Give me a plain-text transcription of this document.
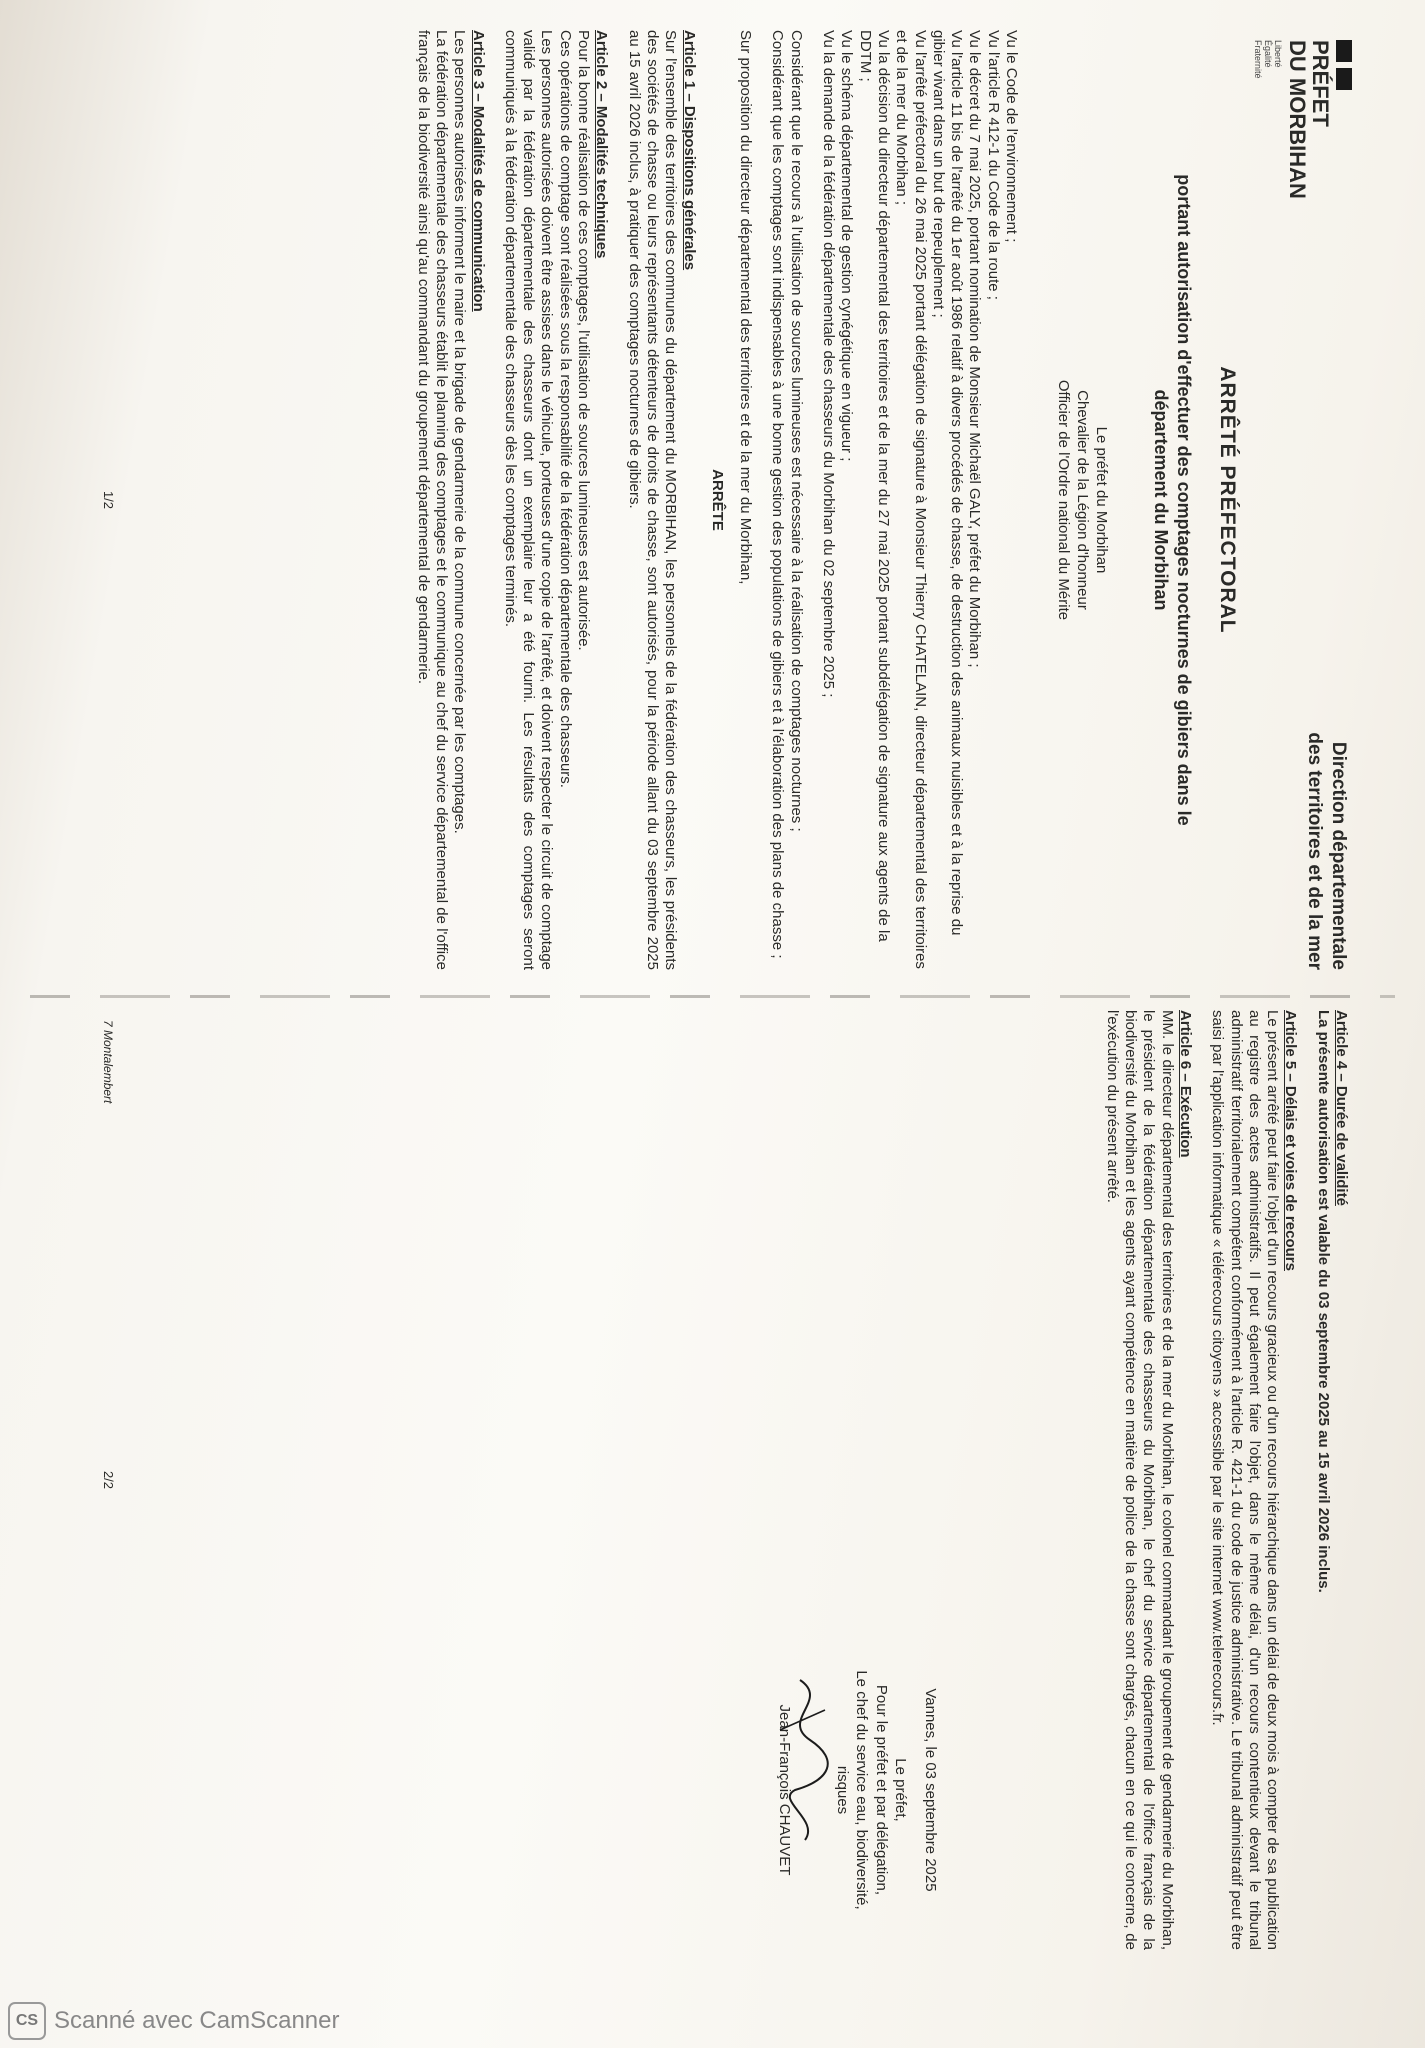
PRÉFET
DU MORBIHAN
Liberté
Égalité
Fraternité
Direction départementale
des territoires et de la mer
ARRÊTÉ PRÉFECTORAL
portant autorisation d'effectuer des comptages nocturnes de gibiers dans le département du Morbihan
Le préfet du Morbihan
Chevalier de la Légion d'honneur
Officier de l'Ordre national du Mérite

Vu le Code de l'environnement ;

Vu l'article R 412-1 du Code de la route ;

Vu le décret du 7 mai 2025, portant nomination de Monsieur Michaël GALY, préfet du Morbihan ;

Vu l'article 11 bis de l'arrêté du 1er août 1986 relatif à divers procédés de chasse, de destruction des animaux nuisibles et à la reprise du gibier vivant dans un but de repeuplement ;

Vu l'arrêté préfectoral du 26 mai 2025 portant délégation de signature à Monsieur Thierry CHATELAIN, directeur départemental des territoires et de la mer du Morbihan ;

Vu la décision du directeur départemental des territoires et de la mer du 27 mai 2025 portant subdélégation de signature aux agents de la DDTM ;

Vu le schéma départemental de gestion cynégétique en vigueur ;

Vu la demande de la fédération départementale des chasseurs du Morbihan du 02 septembre 2025 ;

Considérant que le recours à l'utilisation de sources lumineuses est nécessaire à la réalisation de comptages nocturnes ;

Considérant que les comptages sont indispensables à une bonne gestion des populations de gibiers et à l'élaboration des plans de chasse ;

Sur proposition du directeur départemental des territoires et de la mer du Morbihan,

ARRÊTE

Article 1 – Dispositions générales

Sur l'ensemble des territoires des communes du département du MORBIHAN, les personnels de la fédération des chasseurs, les présidents des sociétés de chasse ou leurs représentants détenteurs de droits de chasse, sont autorisés, pour la période allant du 03 septembre 2025 au 15 avril 2026 inclus, à pratiquer des comptages nocturnes de gibiers.

Article 2 – Modalités techniques

Pour la bonne réalisation de ces comptages, l'utilisation de sources lumineuses est autorisée.

Ces opérations de comptage sont réalisées sous la responsabilité de la fédération départementale des chasseurs.

Les personnes autorisées doivent être assises dans le véhicule, porteuses d'une copie de l'arrêté, et doivent respecter le circuit de comptage validé par la fédération départementale des chasseurs dont un exemplaire leur a été fourni. Les résultats des comptages seront communiqués à la fédération départementale des chasseurs dès les comptages terminés.

Article 3 – Modalités de communication

Les personnes autorisées informent le maire et la brigade de gendarmerie de la commune concernée par les comptages.

La fédération départementale des chasseurs établit le planning des comptages et le communique au chef du service départemental de l'office français de la biodiversité ainsi qu'au commandant du groupement départemental de gendarmerie.

1/2

Article 4 – Durée de validité

La présente autorisation est valable du 03 septembre 2025 au 15 avril 2026 inclus.

Article 5 – Délais et voies de recours

Le présent arrêté peut faire l'objet d'un recours gracieux ou d'un recours hiérarchique dans un délai de deux mois à compter de sa publication au registre des actes administratifs. Il peut également faire l'objet, dans le même délai, d'un recours contentieux devant le tribunal administratif territorialement compétent conformément à l'article R. 421-1 du code de justice administrative. Le tribunal administratif peut être saisi par l'application informatique « télérecours citoyens » accessible par le site internet www.telerecours.fr.

Article 6 – Exécution

MM. le directeur départemental des territoires et de la mer du Morbihan, le colonel commandant le groupement de gendarmerie du Morbihan, le président de la fédération départementale des chasseurs du Morbihan, le chef du service départemental de l'office français de la biodiversité du Morbihan et les agents ayant compétence en matière de police de la chasse sont chargés, chacun en ce qui le concerne, de l'exécution du présent arrêté.

Vannes, le 03 septembre 2025
Le préfet,
Pour le préfet et par délégation,
Le chef du service eau, biodiversité, risques
Jean-François CHAUVET
2/2
7 Montalembert
CS Scanné avec CamScanner
